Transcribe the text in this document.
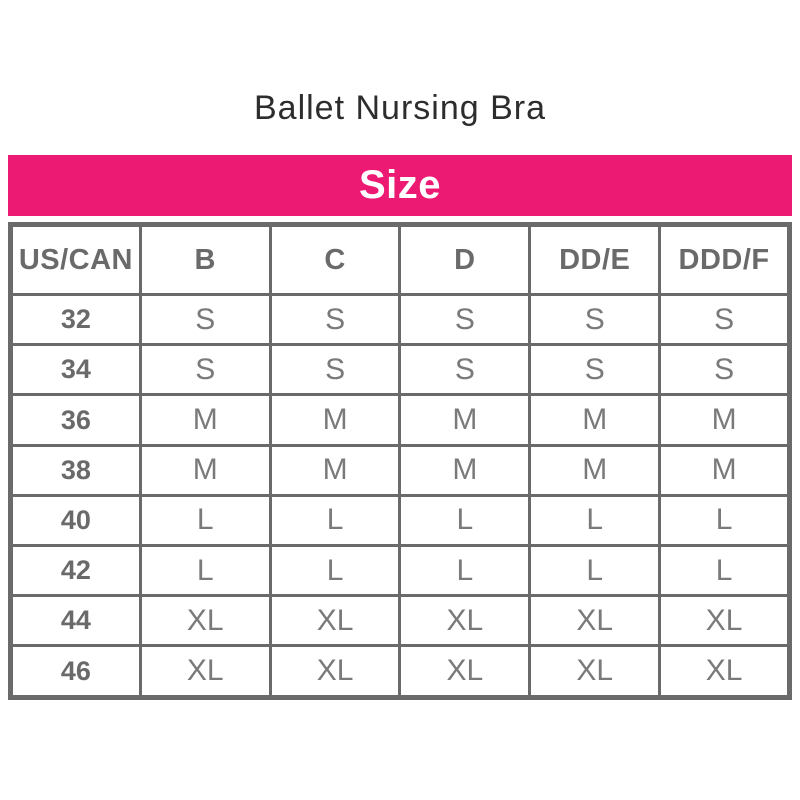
Ballet Nursing Bra
Size
US/CAN	B	C	D	DD/E	DDD/F
32	S	S	S	S	S
34	S	S	S	S	S
36	M	M	M	M	M
38	M	M	M	M	M
40	L	L	L	L	L
42	L	L	L	L	L
44	XL	XL	XL	XL	XL
46	XL	XL	XL	XL	XL
